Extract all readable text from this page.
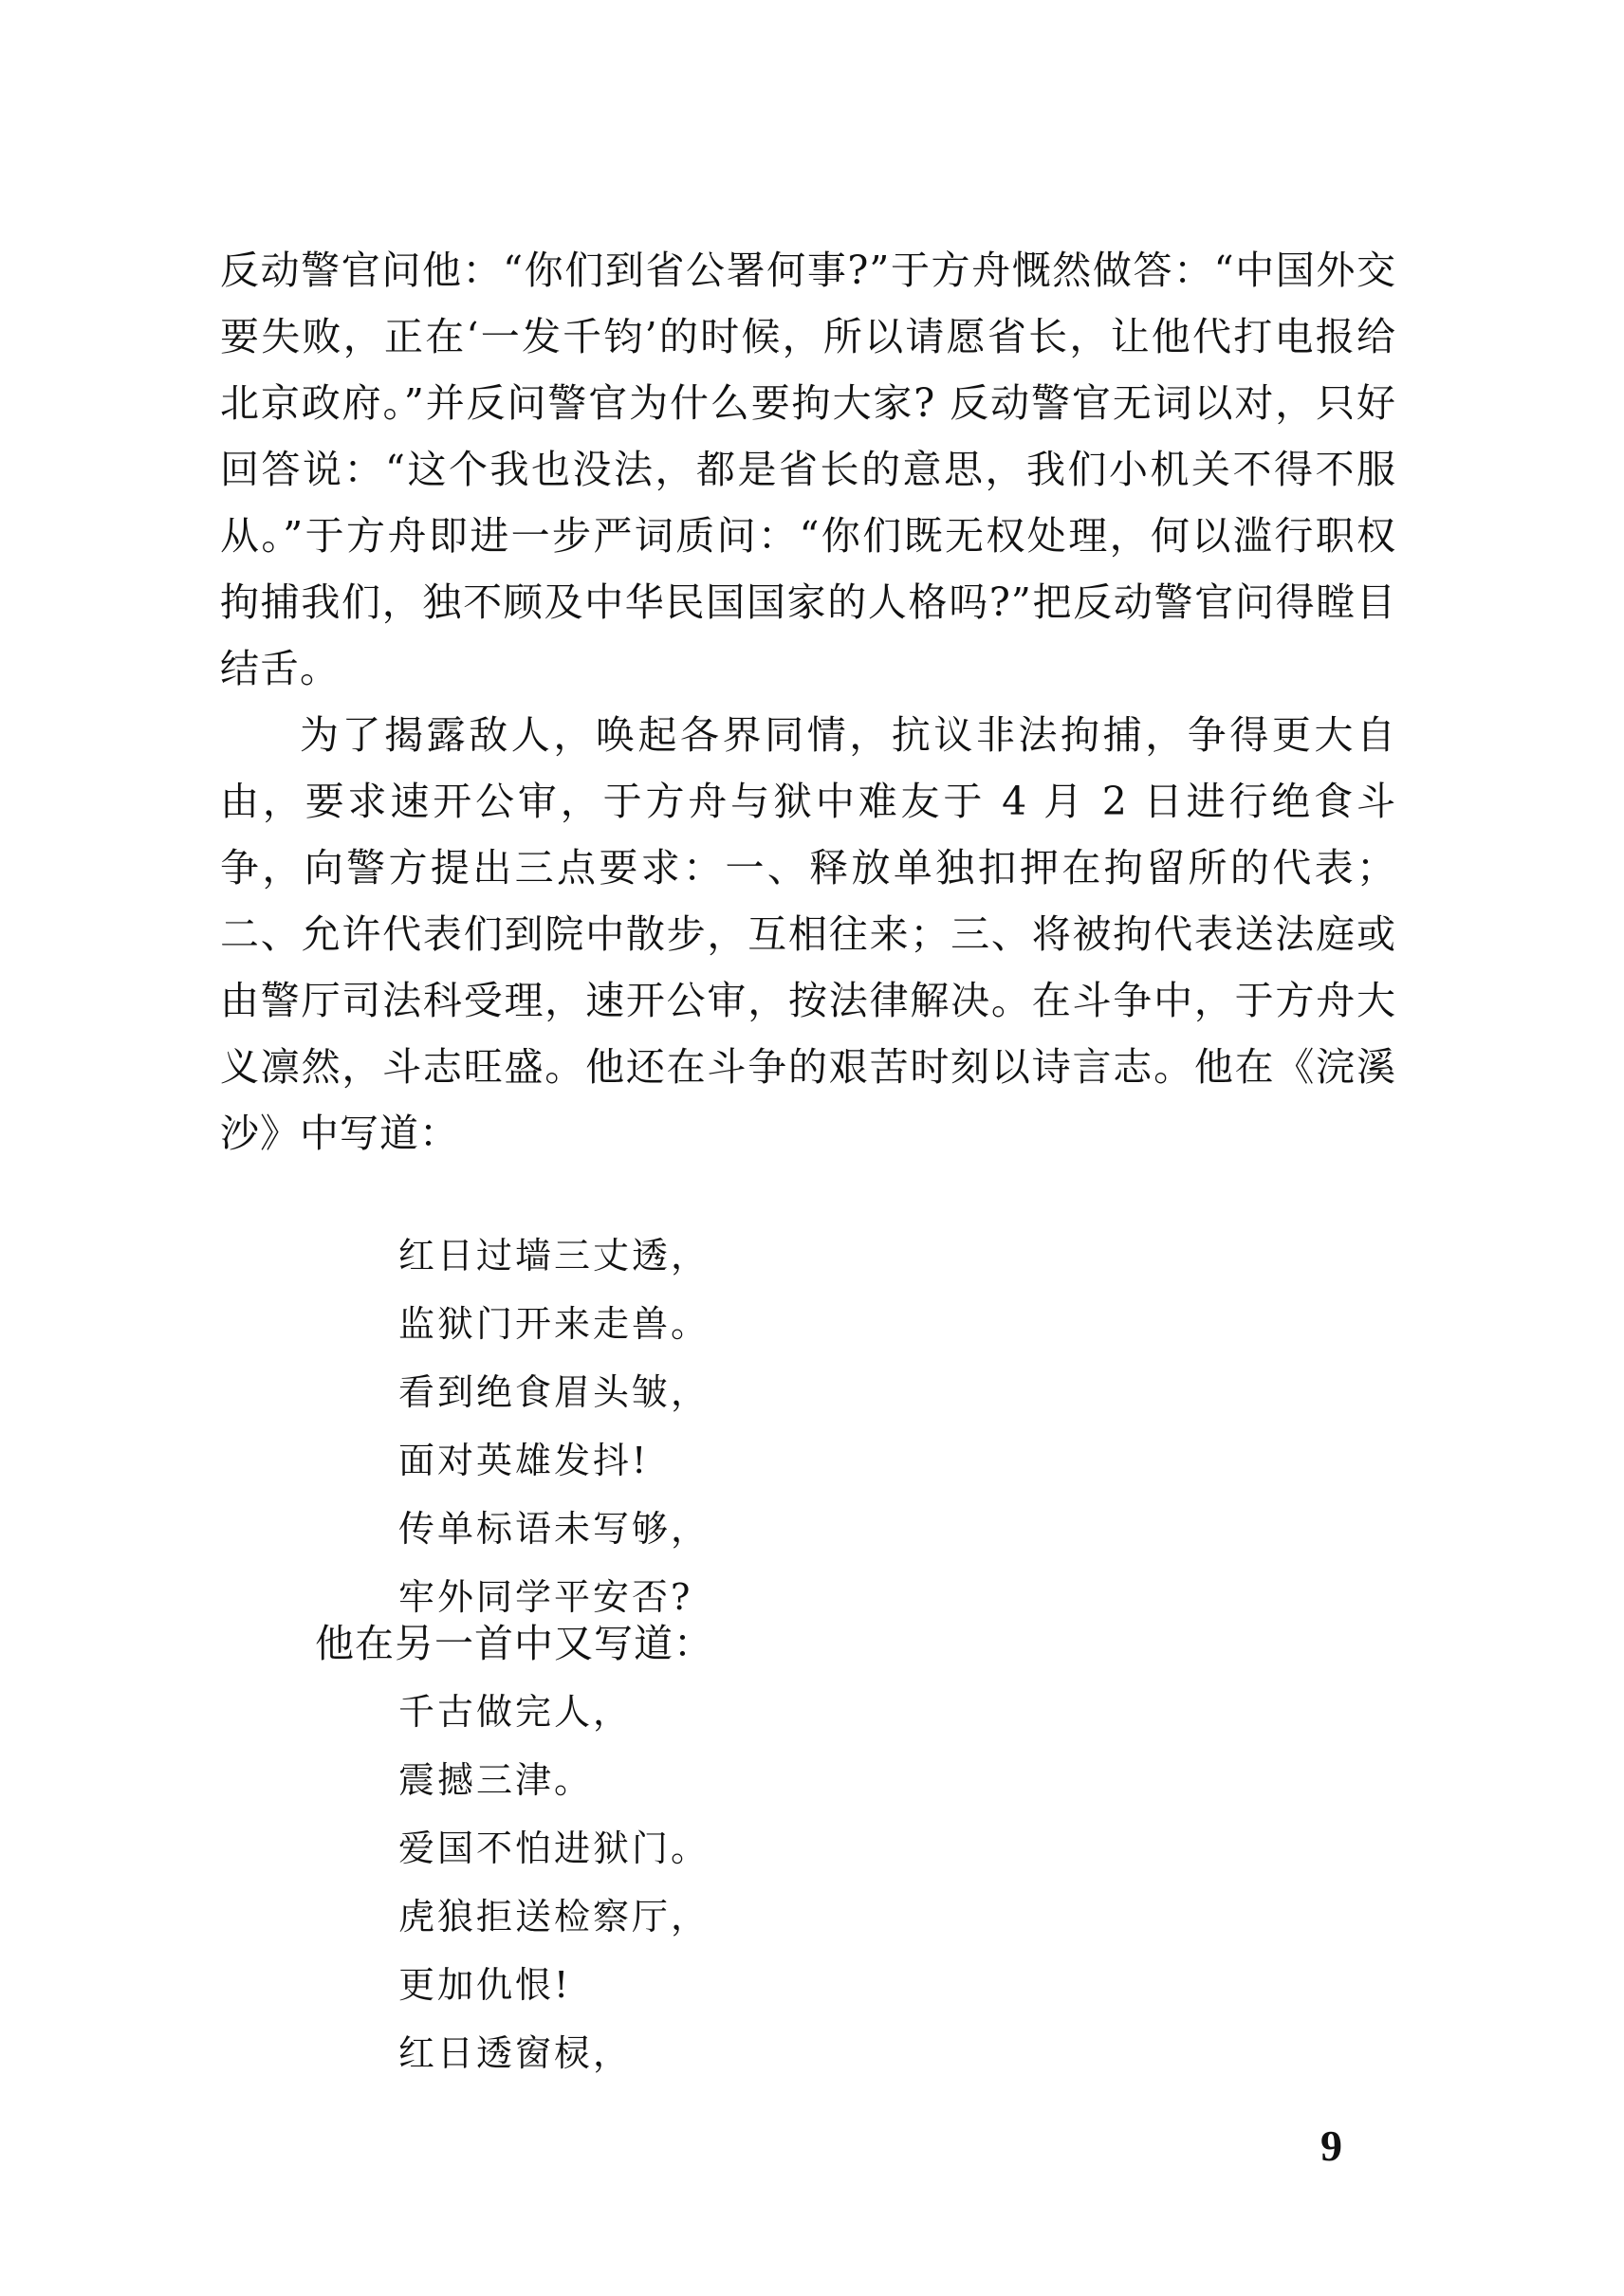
反动警官问他：“你们到省公署何事?”于方舟慨然做答：“中国外交要失败，正在‘一发千钧’的时候，所以请愿省长，让他代打电报给北京政府。”并反问警官为什么要拘大家? 反动警官无词以对，只好回答说：“这个我也没法，都是省长的意思，我们小机关不得不服从。”于方舟即进一步严词质问：“你们既无权处理，何以滥行职权拘捕我们，独不顾及中华民国国家的人格吗?”把反动警官问得瞠目结舌。

为了揭露敌人，唤起各界同情，抗议非法拘捕，争得更大自由，要求速开公审，于方舟与狱中难友于 4 月 2 日进行绝食斗争，向警方提出三点要求：一、释放单独扣押在拘留所的代表；二、允许代表们到院中散步，互相往来；三、将被拘代表送法庭或由警厅司法科受理，速开公审，按法律解决。在斗争中，于方舟大义凛然，斗志旺盛。他还在斗争的艰苦时刻以诗言志。他在《浣溪沙》中写道：

红日过墙三丈透，
监狱门开来走兽。
看到绝食眉头皱，
面对英雄发抖!
传单标语未写够，
牢外同学平安否?
他在另一首中又写道：
千古做完人，
震撼三津。
爱国不怕进狱门。
虎狼拒送检察厅，
更加仇恨!
红日透窗棂，
9
